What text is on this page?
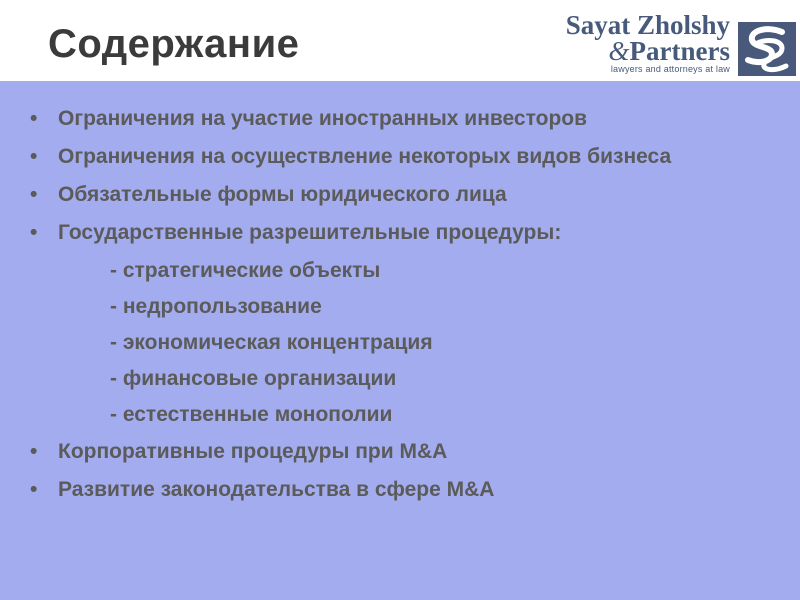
Содержание	Sayat Zholshy
&Partners
lawyers and attorneys at law
• Ограничения на участие иностранных инвесторов
• Ограничения на осуществление некоторых видов бизнеса
• Обязательные формы юридического лица
• Государственные разрешительные процедуры:
- стратегические объекты
- недропользование
- экономическая концентрация
- финансовые организации
- естественные монополии
• Корпоративные процедуры при M&A
• Развитие законодательства в сфере M&A
